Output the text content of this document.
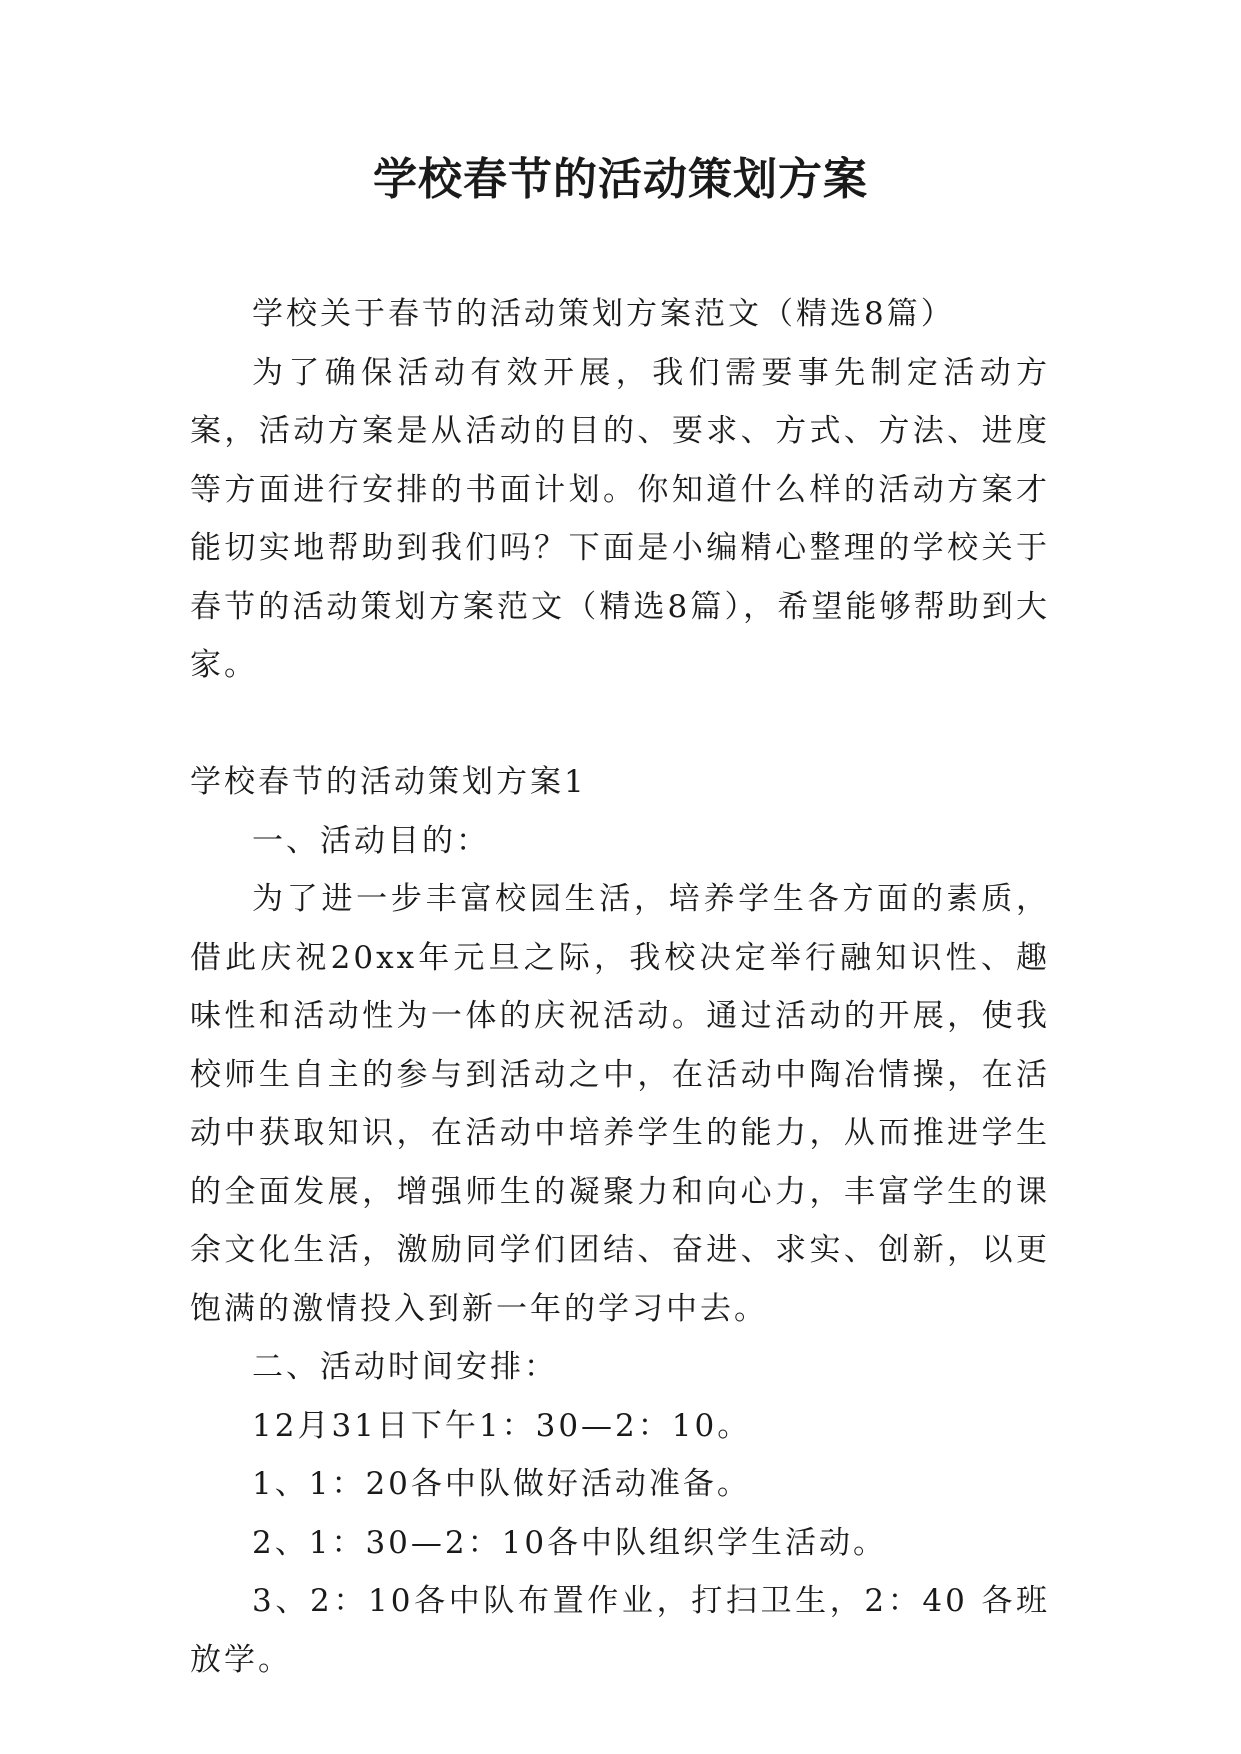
学校春节的活动策划方案

学校关于春节的活动策划方案范文（精选8篇）

为了确保活动有效开展，我们需要事先制定活动方案，活动方案是从活动的目的、要求、方式、方法、进度等方面进行安排的书面计划。你知道什么样的活动方案才能切实地帮助到我们吗？下面是小编精心整理的学校关于春节的活动策划方案范文（精选8篇），希望能够帮助到大家。

学校春节的活动策划方案1

一、活动目的：

为了进一步丰富校园生活，培养学生各方面的素质，借此庆祝20xx年元旦之际，我校决定举行融知识性、趣味性和活动性为一体的庆祝活动。通过活动的开展，使我校师生自主的参与到活动之中，在活动中陶冶情操，在活动中获取知识，在活动中培养学生的能力，从而推进学生的全面发展，增强师生的凝聚力和向心力，丰富学生的课余文化生活，激励同学们团结、奋进、求实、创新，以更饱满的激情投入到新一年的学习中去。

二、活动时间安排：

12月31日下午1：30—2：10。

1、1：20各中队做好活动准备。

2、1：30—2：10各中队组织学生活动。

3、2：10各中队布置作业，打扫卫生，2：40 各班放学。
